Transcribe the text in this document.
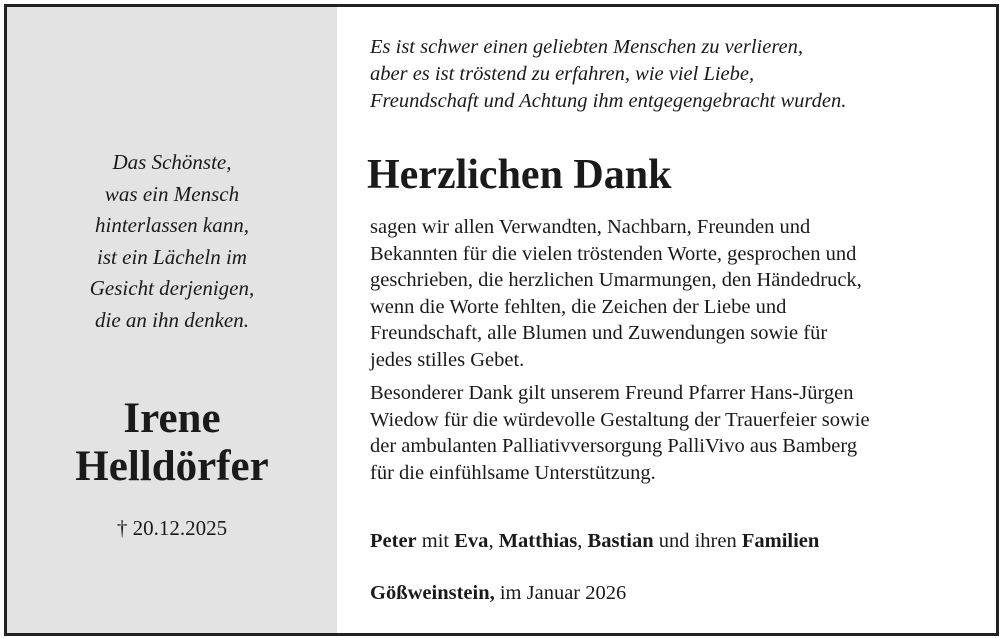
Das Schönste,
was ein Mensch
hinterlassen kann,
ist ein Lächeln im
Gesicht derjenigen,
die an ihn denken.
Irene
Helldörfer
† 20.12.2025
Es ist schwer einen geliebten Menschen zu verlieren,
aber es ist tröstend zu erfahren, wie viel Liebe,
Freundschaft und Achtung ihm entgegengebracht wurden.
Herzlichen Dank
sagen wir allen Verwandten, Nachbarn, Freunden und
Bekannten für die vielen tröstenden Worte, gesprochen und
geschrieben, die herzlichen Umarmungen, den Händedruck,
wenn die Worte fehlten, die Zeichen der Liebe und
Freundschaft, alle Blumen und Zuwendungen sowie für
jedes stilles Gebet.
Besonderer Dank gilt unserem Freund Pfarrer Hans-Jürgen
Wiedow für die würdevolle Gestaltung der Trauerfeier sowie
der ambulanten Palliativversorgung PalliVivo aus Bamberg
für die einfühlsame Unterstützung.
Peter mit Eva, Matthias, Bastian und ihren Familien
Gößweinstein, im Januar 2026
